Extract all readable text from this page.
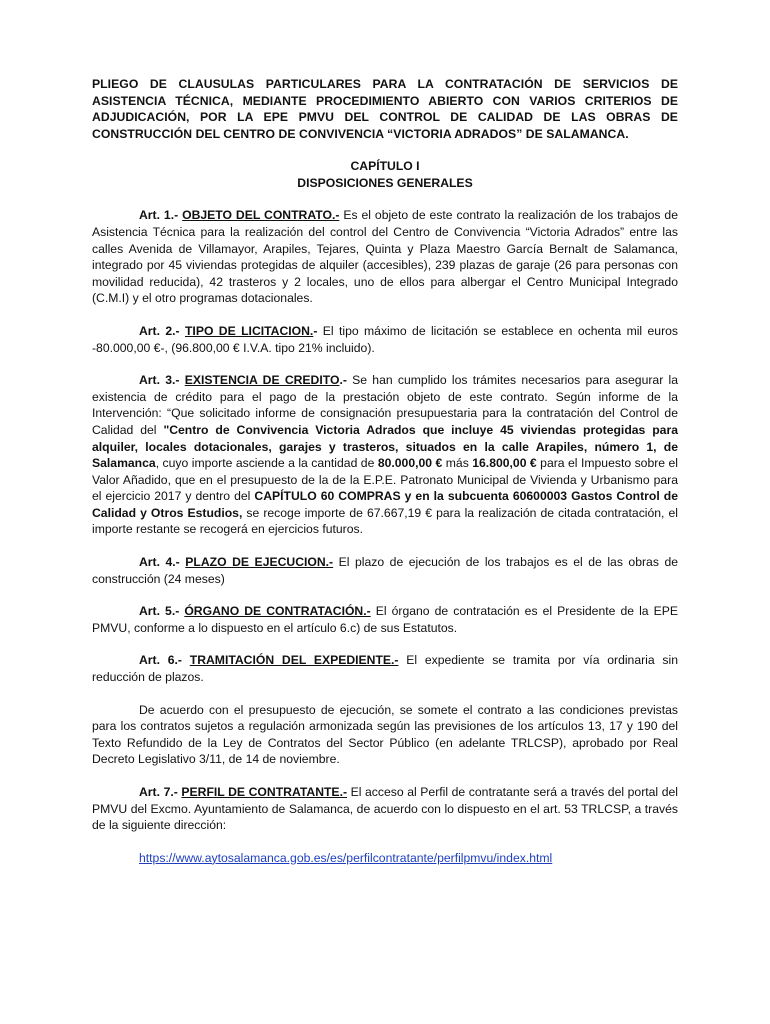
PLIEGO DE CLAUSULAS PARTICULARES PARA LA CONTRATACIÓN DE SERVICIOS DE ASISTENCIA TÉCNICA, MEDIANTE PROCEDIMIENTO ABIERTO CON VARIOS CRITERIOS DE ADJUDICACIÓN, POR LA EPE PMVU DEL CONTROL DE CALIDAD DE LAS OBRAS DE CONSTRUCCIÓN DEL CENTRO DE CONVIVENCIA “VICTORIA ADRADOS” DE SALAMANCA.

CAPÍTULO I
DISPOSICIONES GENERALES

Art. 1.- OBJETO DEL CONTRATO.- Es el objeto de este contrato la realización de los trabajos de Asistencia Técnica para la realización del control del Centro de Convivencia “Victoria Adrados” entre las calles Avenida de Villamayor, Arapiles, Tejares, Quinta y Plaza Maestro García Bernalt de Salamanca, integrado por 45 viviendas protegidas de alquiler (accesibles), 239 plazas de garaje (26 para personas con movilidad reducida), 42 trasteros y 2 locales, uno de ellos para albergar el Centro Municipal Integrado (C.M.I) y el otro programas dotacionales.

Art. 2.- TIPO DE LICITACION.- El tipo máximo de licitación se establece en ochenta mil euros -80.000,00 €-, (96.800,00 € I.V.A. tipo 21% incluido).

Art. 3.- EXISTENCIA DE CREDITO.- Se han cumplido los trámites necesarios para asegurar la existencia de crédito para el pago de la prestación objeto de este contrato. Según informe de la Intervención: “Que solicitado informe de consignación presupuestaria para la contratación del Control de Calidad del "Centro de Convivencia Victoria Adrados que incluye 45 viviendas protegidas para alquiler, locales dotacionales, garajes y trasteros, situados en la calle Arapiles, número 1, de Salamanca, cuyo importe asciende a la cantidad de 80.000,00 € más 16.800,00 € para el Impuesto sobre el Valor Añadido, que en el presupuesto de la de la E.P.E. Patronato Municipal de Vivienda y Urbanismo para el ejercicio 2017 y dentro del CAPÍTULO 60 COMPRAS y en la subcuenta 60600003 Gastos Control de Calidad y Otros Estudios, se recoge importe de 67.667,19 € para la realización de citada contratación, el importe restante se recogerá en ejercicios futuros.

Art. 4.- PLAZO DE EJECUCION.- El plazo de ejecución de los trabajos es el de las obras de construcción (24 meses)

Art. 5.- ÓRGANO DE CONTRATACIÓN.- El órgano de contratación es el Presidente de la EPE PMVU, conforme a lo dispuesto en el artículo 6.c) de sus Estatutos.

Art. 6.- TRAMITACIÓN DEL EXPEDIENTE.- El expediente se tramita por vía ordinaria sin reducción de plazos.

De acuerdo con el presupuesto de ejecución, se somete el contrato a las condiciones previstas para los contratos sujetos a regulación armonizada según las previsiones de los artículos 13, 17 y 190 del Texto Refundido de la Ley de Contratos del Sector Público (en adelante TRLCSP), aprobado por Real Decreto Legislativo 3/11, de 14 de noviembre.

Art. 7.- PERFIL DE CONTRATANTE.- El acceso al Perfil de contratante será a través del portal del PMVU del Excmo. Ayuntamiento de Salamanca, de acuerdo con lo dispuesto en el art. 53 TRLCSP, a través de la siguiente dirección:

https://www.aytosalamanca.gob.es/es/perfilcontratante/perfilpmvu/index.html
